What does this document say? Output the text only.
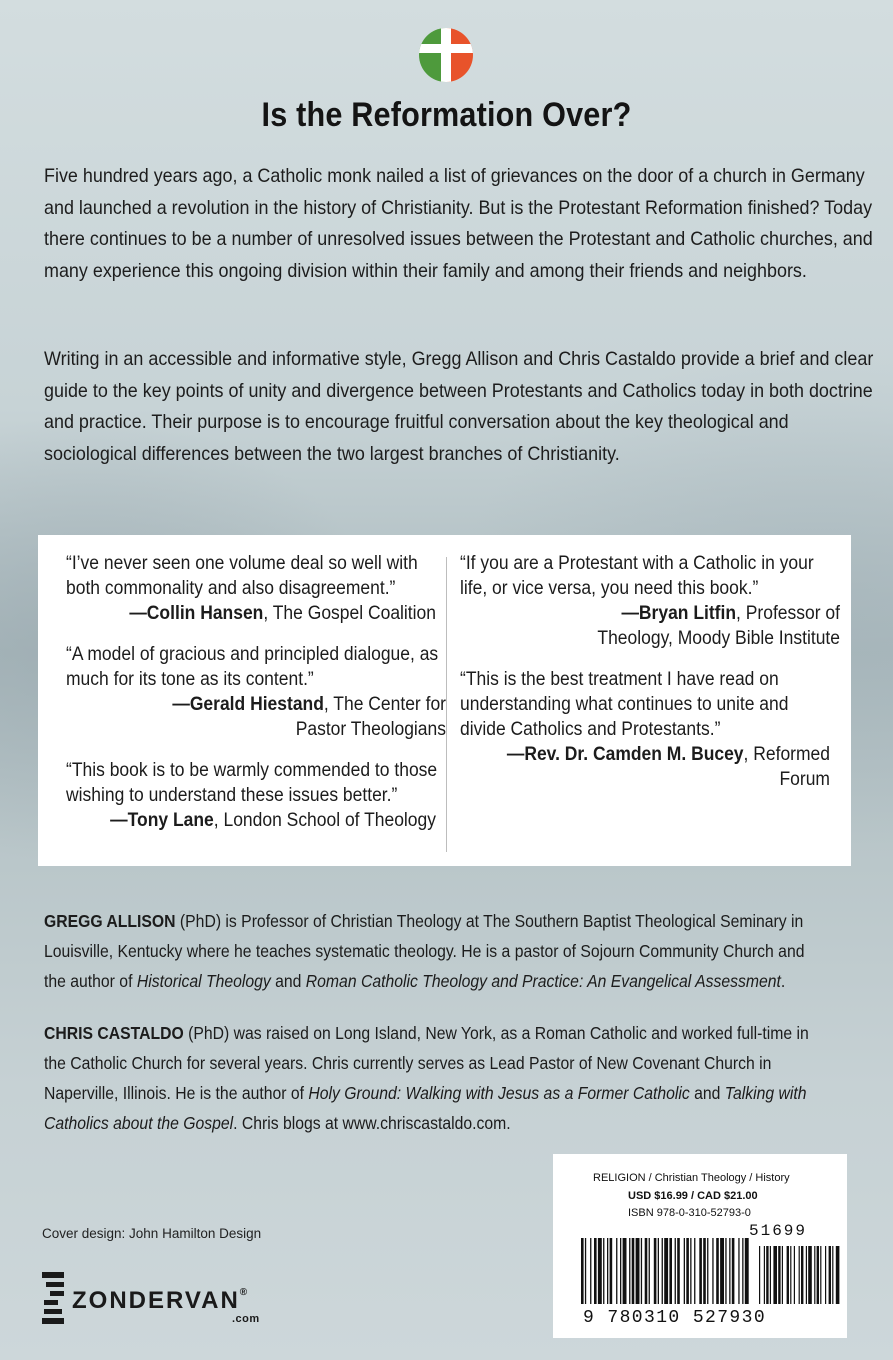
Is the Reformation Over?

Five hundred years ago, a Catholic monk nailed a list of grievances on the door of a church in Germany and launched a revolution in the history of Christianity. But is the Protestant Reformation finished? Today there continues to be a number of unresolved issues between the Protestant and Catholic churches, and many experience this ongoing division within their family and among their friends and neighbors.

Writing in an accessible and informative style, Gregg Allison and Chris Castaldo provide a brief and clear guide to the key points of unity and divergence between Protestants and Catholics today in both doctrine and practice. Their purpose is to encourage fruitful conversation about the key theological and sociological differences between the two largest branches of Christianity.

“I’ve never seen one volume deal so well with both commonality and also disagreement.”
—Collin Hansen, The Gospel Coalition
“A model of gracious and principled dialogue, as much for its tone as its content.”
—Gerald Hiestand, The Center for Pastor Theologians
“This book is to be warmly commended to those wishing to understand these issues better.”
—Tony Lane, London School of Theology
“If you are a Protestant with a Catholic in your life, or vice versa, you need this book.”
—Bryan Litfin, Professor of Theology, Moody Bible Institute
“This is the best treatment I have read on understanding what continues to unite and divide Catholics and Protestants.”
—Rev. Dr. Camden M. Bucey, Reformed Forum
GREGG ALLISON (PhD) is Professor of Christian Theology at The Southern Baptist Theological Seminary in Louisville, Kentucky where he teaches systematic theology. He is a pastor of Sojourn Community Church and the author of Historical Theology and Roman Catholic Theology and Practice: An Evangelical Assessment.
CHRIS CASTALDO (PhD) was raised on Long Island, New York, as a Roman Catholic and worked full-time in the Catholic Church for several years. Chris currently serves as Lead Pastor of New Covenant Church in Naperville, Illinois. He is the author of Holy Ground: Walking with Jesus as a Former Catholic and Talking with Catholics about the Gospel. Chris blogs at www.chriscastaldo.com.
Cover design: John Hamilton Design
ZONDERVAN®
.com
RELIGION / Christian Theology / History
USD $16.99 / CAD $21.00
ISBN 978-0-310-52793-0
51699
9 780310 527930
